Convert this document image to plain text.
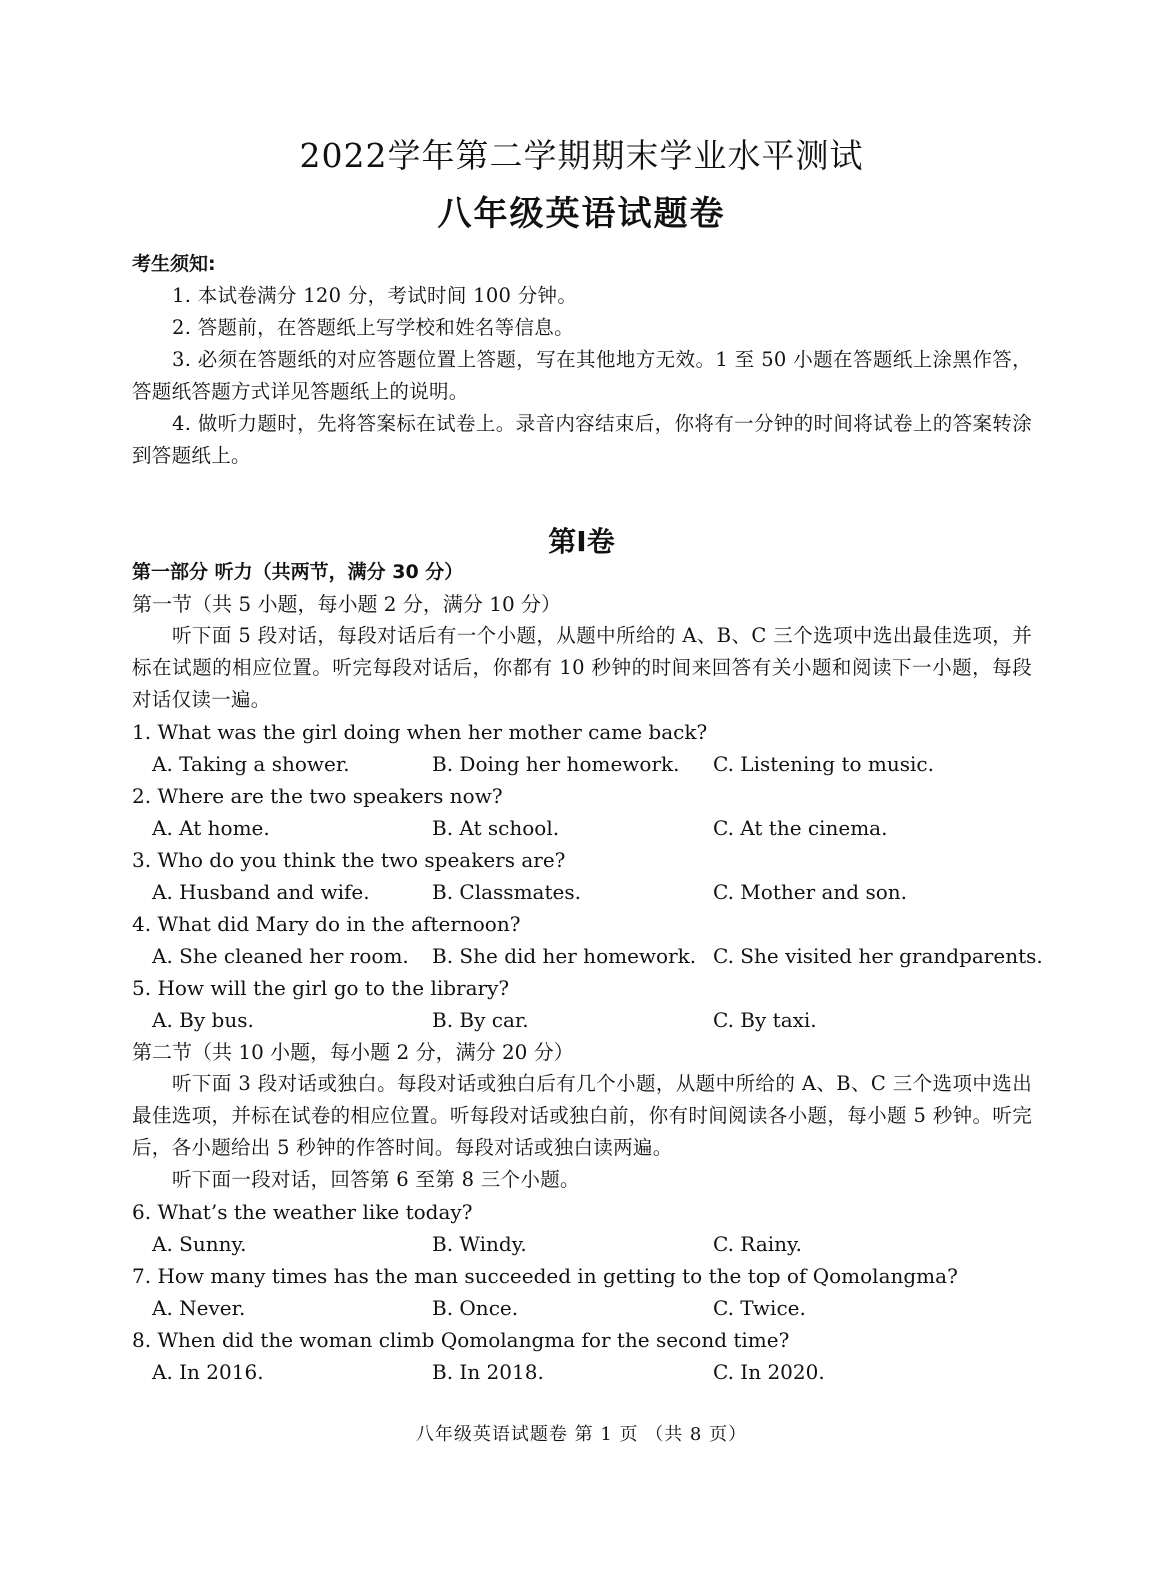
2022学年第二学期期末学业水平测试
八年级英语试题卷
考生须知:

1. 本试卷满分 120 分，考试时间 100 分钟。

2. 答题前，在答题纸上写学校和姓名等信息。

3. 必须在答题纸的对应答题位置上答题，写在其他地方无效。1 至 50 小题在答题纸上涂黑作答，答题纸答题方式详见答题纸上的说明。

4. 做听力题时，先将答案标在试卷上。录音内容结束后，你将有一分钟的时间将试卷上的答案转涂到答题纸上。

第I卷
第一部分 听力（共两节，满分 30 分）
第一节（共 5 小题，每小题 2 分，满分 10 分）
听下面 5 段对话，每段对话后有一个小题，从题中所给的 A、B、C 三个选项中选出最佳选项，并标在试题的相应位置。听完每段对话后，你都有 10 秒钟的时间来回答有关小题和阅读下一小题，每段对话仅读一遍。
1. What was the girl doing when her mother came back?
A. Taking a shower.	B. Doing her homework. C. Listening to music.
2. Where are the two speakers now?
A. At home.	B. At school.	C. At the cinema.
3. Who do you think the two speakers are?
A. Husband and wife.	B. Classmates.	C. Mother and son.
4. What did Mary do in the afternoon?
A. She cleaned her room. B. She did her homework. C. She visited her grandparents.
5. How will the girl go to the library?
A. By bus.	B. By car.	C. By taxi.
第二节（共 10 小题，每小题 2 分，满分 20 分）
听下面 3 段对话或独白。每段对话或独白后有几个小题，从题中所给的 A、B、C 三个选项中选出最佳选项，并标在试卷的相应位置。听每段对话或独白前，你有时间阅读各小题，每小题 5 秒钟。听完后，各小题给出 5 秒钟的作答时间。每段对话或独白读两遍。
听下面一段对话，回答第 6 至第 8 三个小题。
6. What’s the weather like today?
A. Sunny.	B. Windy.	C. Rainy.
7. How many times has the man succeeded in getting to the top of Qomolangma?
A. Never.	B. Once.	C. Twice.
8. When did the woman climb Qomolangma for the second time?
A. In 2016.	B. In 2018.	C. In 2020.
八年级英语试题卷 第 1 页 （共 8 页）
